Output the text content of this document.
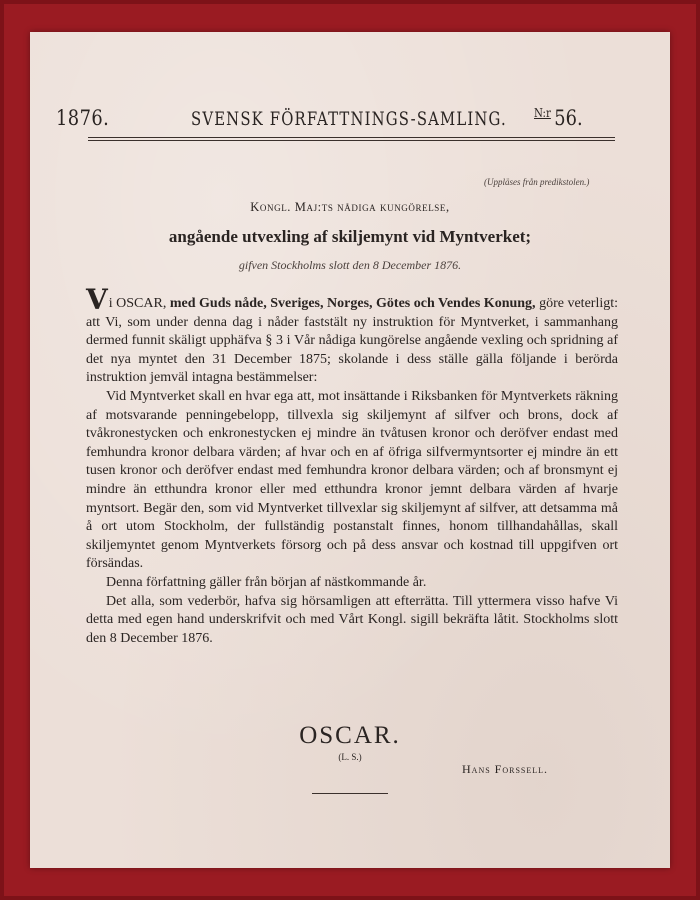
1876.	SVENSK FÖRFATTNINGS-SAMLING. $^{N:r}$ 56.
(Uppläses från predikstolen.)
Kongl. Maj:ts nådiga kungörelse,
angående utvexling af skiljemynt vid Myntverket;
gifven Stockholms slott den 8 December 1876.

Vi OSCAR, med Guds nåde, Sveriges, Norges, Götes och Vendes Konung, göre veterligt: att Vi, som under denna dag i nåder faststält ny instruktion för Myntverket, i sammanhang dermed funnit skäligt upphäfva § 3 i Vår nådiga kungörelse angående vexling och spridning af det nya myntet den 31 December 1875; skolande i dess ställe gälla följande i berörda instruktion jemväl intagna bestämmelser:

Vid Myntverket skall en hvar ega att, mot insättande i Riksbanken för Myntverkets räkning af motsvarande penningebelopp, tillvexla sig skiljemynt af silfver och brons, dock af tvåkronestycken och enkronestycken ej mindre än tvåtusen kronor och deröfver endast med femhundra kronor delbara värden; af hvar och en af öfriga silfvermyntsorter ej mindre än ett tusen kronor och deröfver endast med femhundra kronor delbara värden; och af bronsmynt ej mindre än etthundra kronor eller med etthundra kronor jemnt delbara värden af hvarje myntsort. Begär den, som vid Myntverket tillvexlar sig skiljemynt af silfver, att detsamma må å ort utom Stockholm, der fullständig postanstalt finnes, honom tillhandahållas, skall skiljemyntet genom Myntverkets försorg och på dess ansvar och kostnad till uppgifven ort försändas.

Denna författning gäller från början af nästkommande år.

Det alla, som vederbör, hafva sig hörsamligen att efterrätta. Till yttermera visso hafve Vi detta med egen hand underskrifvit och med Vårt Kongl. sigill bekräfta låtit. Stockholms slott den 8 December 1876.

OSCAR.
(L. S.)
Hans Forssell.
